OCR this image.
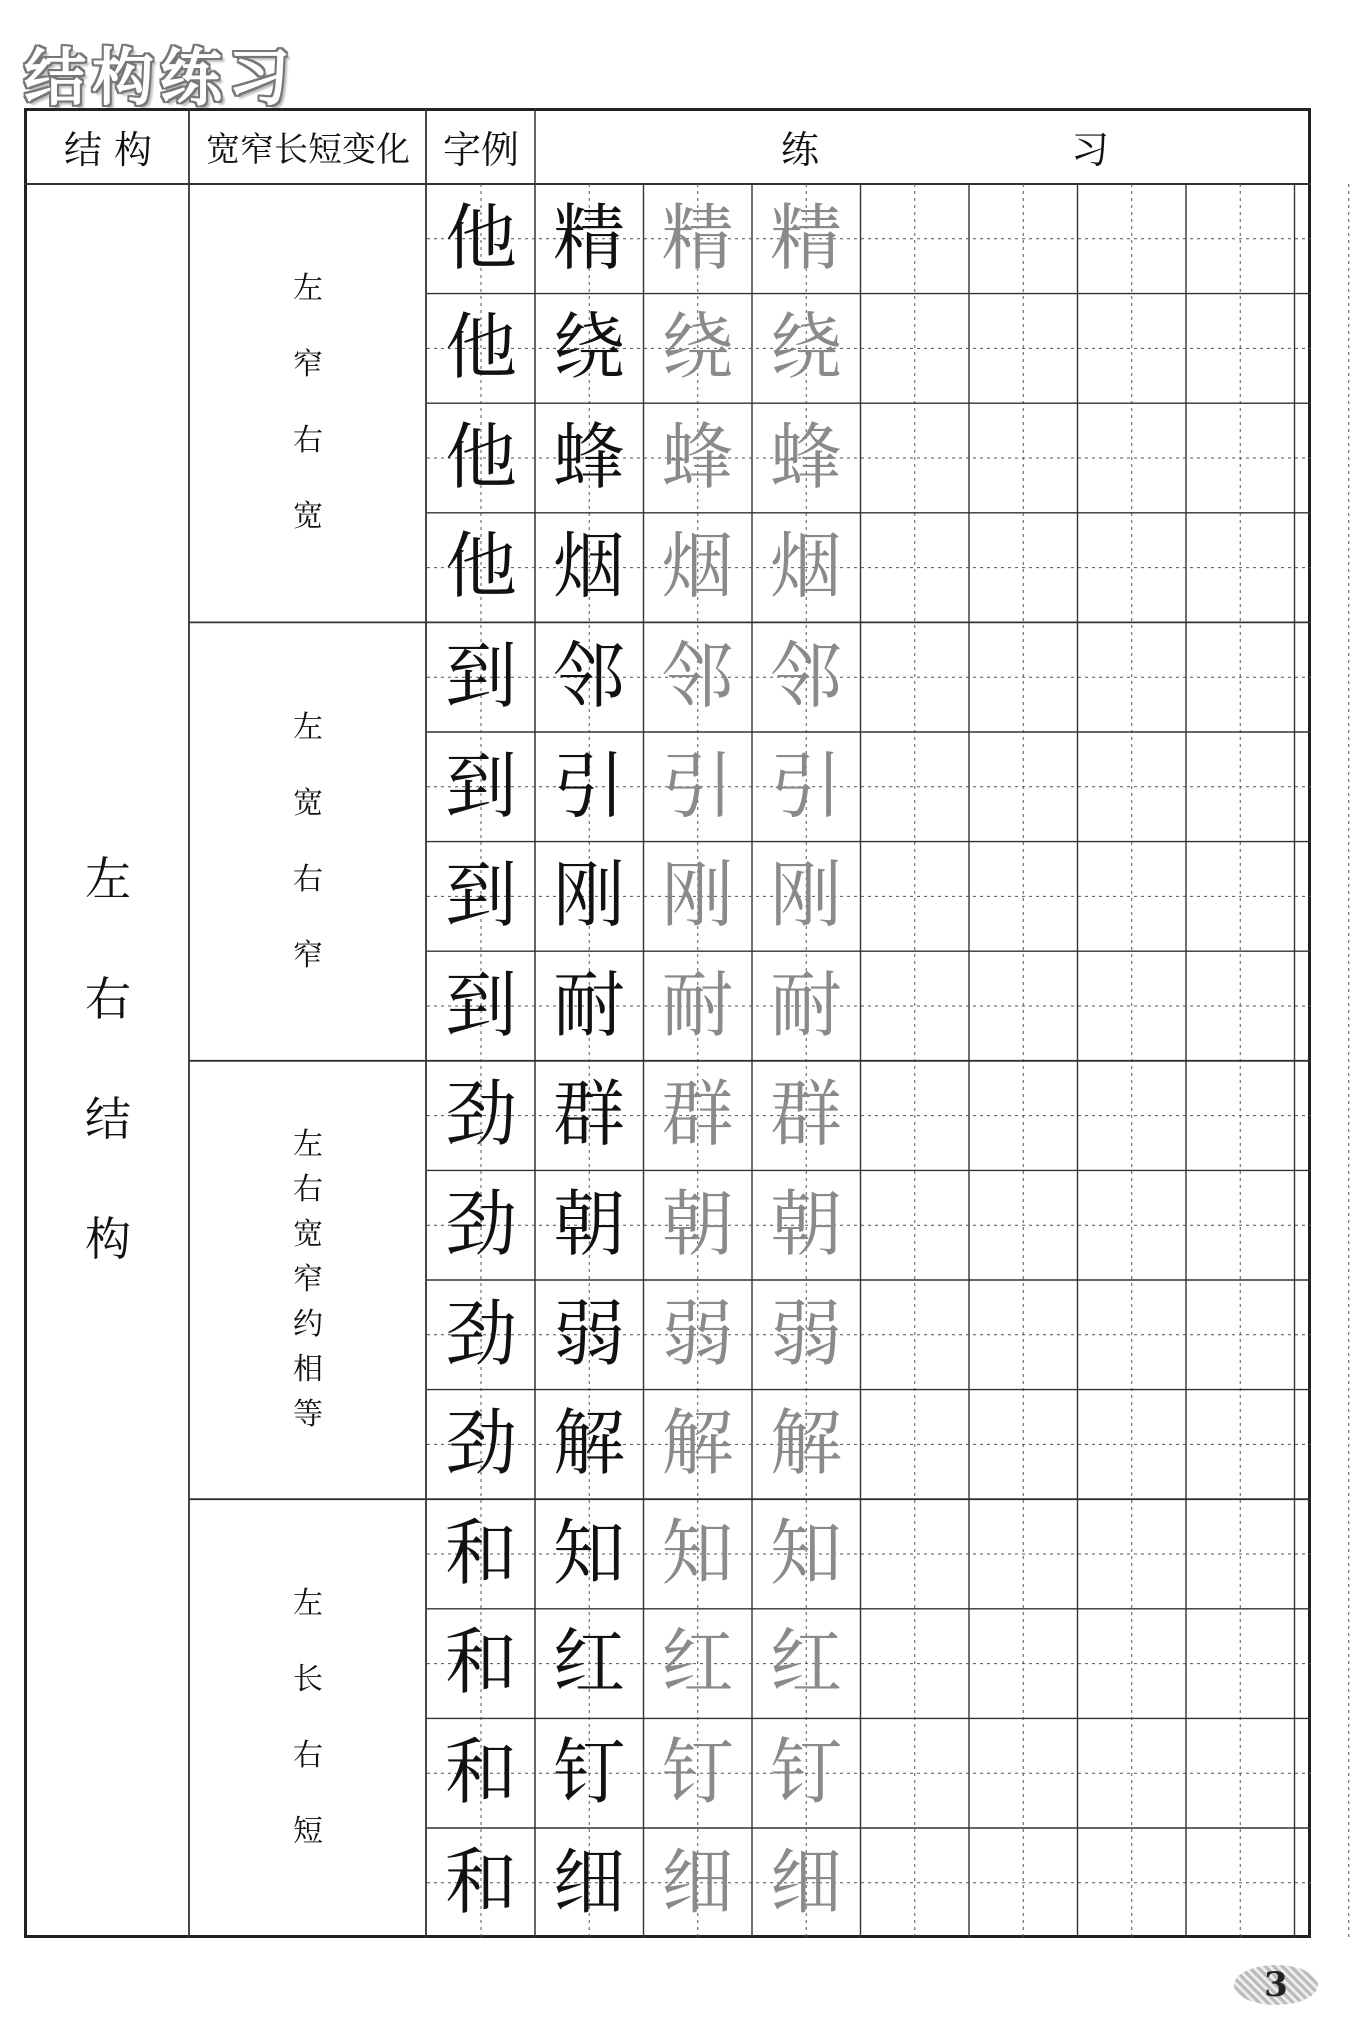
结构练习
结 构	宽窄长短变化 字例	练	习
左
右
结
构
左
窄
右
宽
他 精 精 精
他 绕 绕 绕
他 蜂 蜂 蜂
他 烟 烟 烟
左
宽
右
窄
到 邻 邻 邻
到 引 引 引
到 刚 刚 刚
到 耐 耐 耐
左
右
宽
窄
约
相
等
劲 群 群 群
劲 朝 朝 朝
劲 弱 弱 弱
劲 解 解 解
左
长
右
短
和 知 知 知
和 红 红 红
和 钉 钉 钉
和 细 细 细
3
